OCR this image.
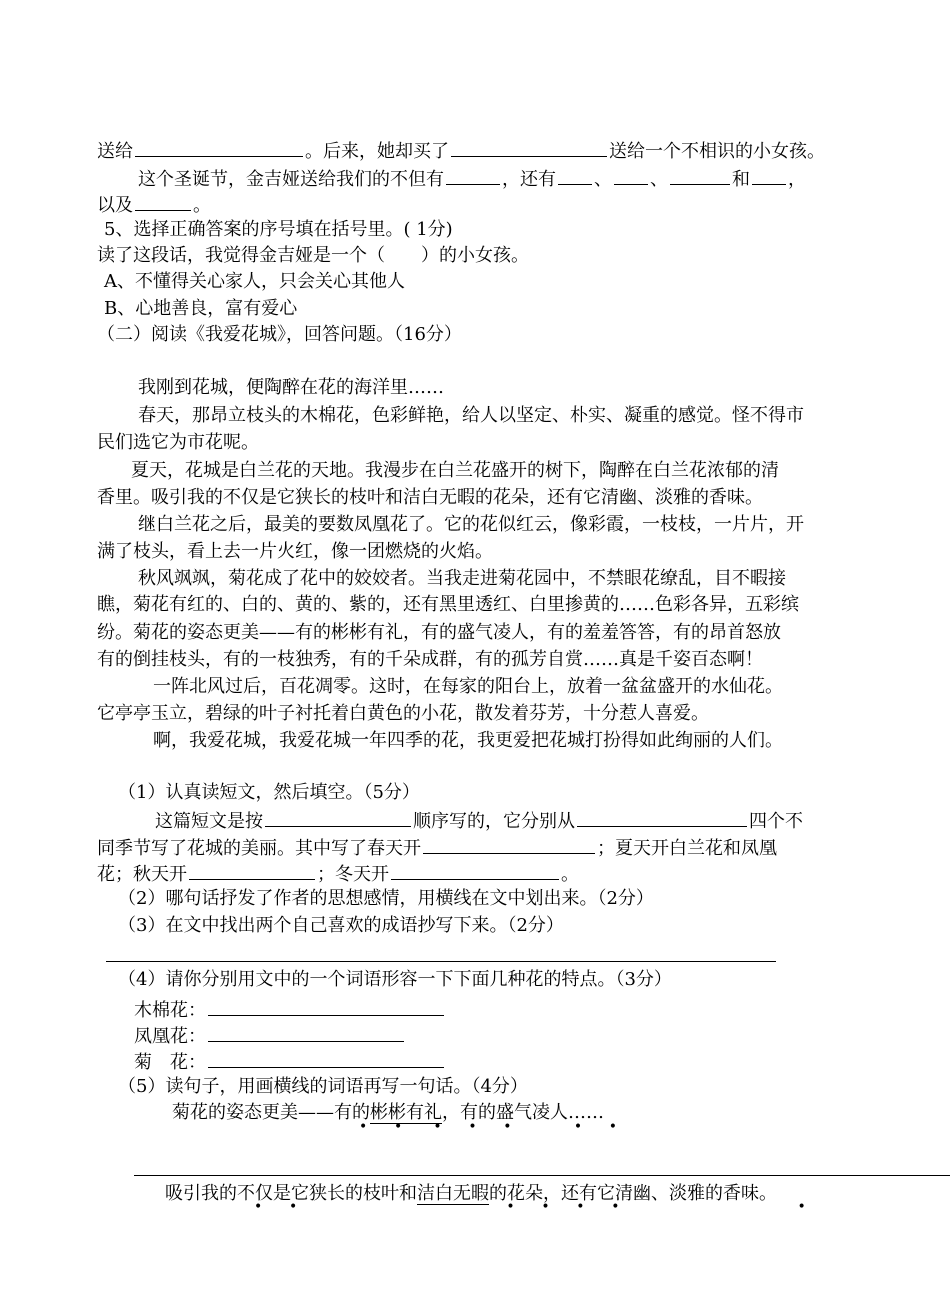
送给	。后来，她却买了	送给一个不相识的小女孩。
这个圣诞节，金吉娅送给我们的不但有	，还有 、 、	和 ，
以及	。
5、选择正确答案的序号填在括号里。( 1分)
读了这段话，我觉得金吉娅是一个（　　）的小女孩。
A、不懂得关心家人，只会关心其他人
B、心地善良，富有爱心
（二）阅读《我爱花城》，回答问题。（16分）
我刚到花城，便陶醉在花的海洋里……
春天，那昂立枝头的木棉花，色彩鲜艳，给人以坚定、朴实、凝重的感觉。怪不得市
民们选它为市花呢。
夏天，花城是白兰花的天地。我漫步在白兰花盛开的树下，陶醉在白兰花浓郁的清
香里。吸引我的不仅是它狭长的枝叶和洁白无暇的花朵，还有它清幽、淡雅的香味。
继白兰花之后，最美的要数凤凰花了。它的花似红云，像彩霞，一枝枝，一片片，开
满了枝头，看上去一片火红，像一团燃烧的火焰。
秋风飒飒，菊花成了花中的姣姣者。当我走进菊花园中，不禁眼花缭乱，目不暇接
瞧，菊花有红的、白的、黄的、紫的，还有黑里透红、白里掺黄的……色彩各异，五彩缤
纷。菊花的姿态更美——有的彬彬有礼，有的盛气凌人，有的羞羞答答，有的昂首怒放
有的倒挂枝头，有的一枝独秀，有的千朵成群，有的孤芳自赏……真是千姿百态啊！
一阵北风过后，百花凋零。这时，在每家的阳台上，放着一盆盆盛开的水仙花。
它亭亭玉立，碧绿的叶子衬托着白黄色的小花，散发着芬芳，十分惹人喜爱。
啊，我爱花城，我爱花城一年四季的花，我更爱把花城打扮得如此绚丽的人们。
（1）认真读短文，然后填空。（5分）
这篇短文是按	顺序写的，它分别从	四个不
同季节写了花城的美丽。其中写了春天开	；夏天开白兰花和凤凰
花；秋天开	；冬天开	。
（2）哪句话抒发了作者的思想感情，用横线在文中划出来。（2分）
（3）在文中找出两个自己喜欢的成语抄写下来。（2分）
（4）请你分别用文中的一个词语形容一下下面几种花的特点。（3分）
木棉花：
凤凰花：
菊　花：
（5）读句子，用画横线的词语再写一句话。（4分）
菊花的姿态更美——有的彬彬有礼，有的盛气凌人……
•      •       •      •      •              •      •
吸引我的不仅是它狭长的枝叶和洁白无暇的花朵，还有它清幽、淡雅的香味。
•      •                                               •      •      •      •                                        •
